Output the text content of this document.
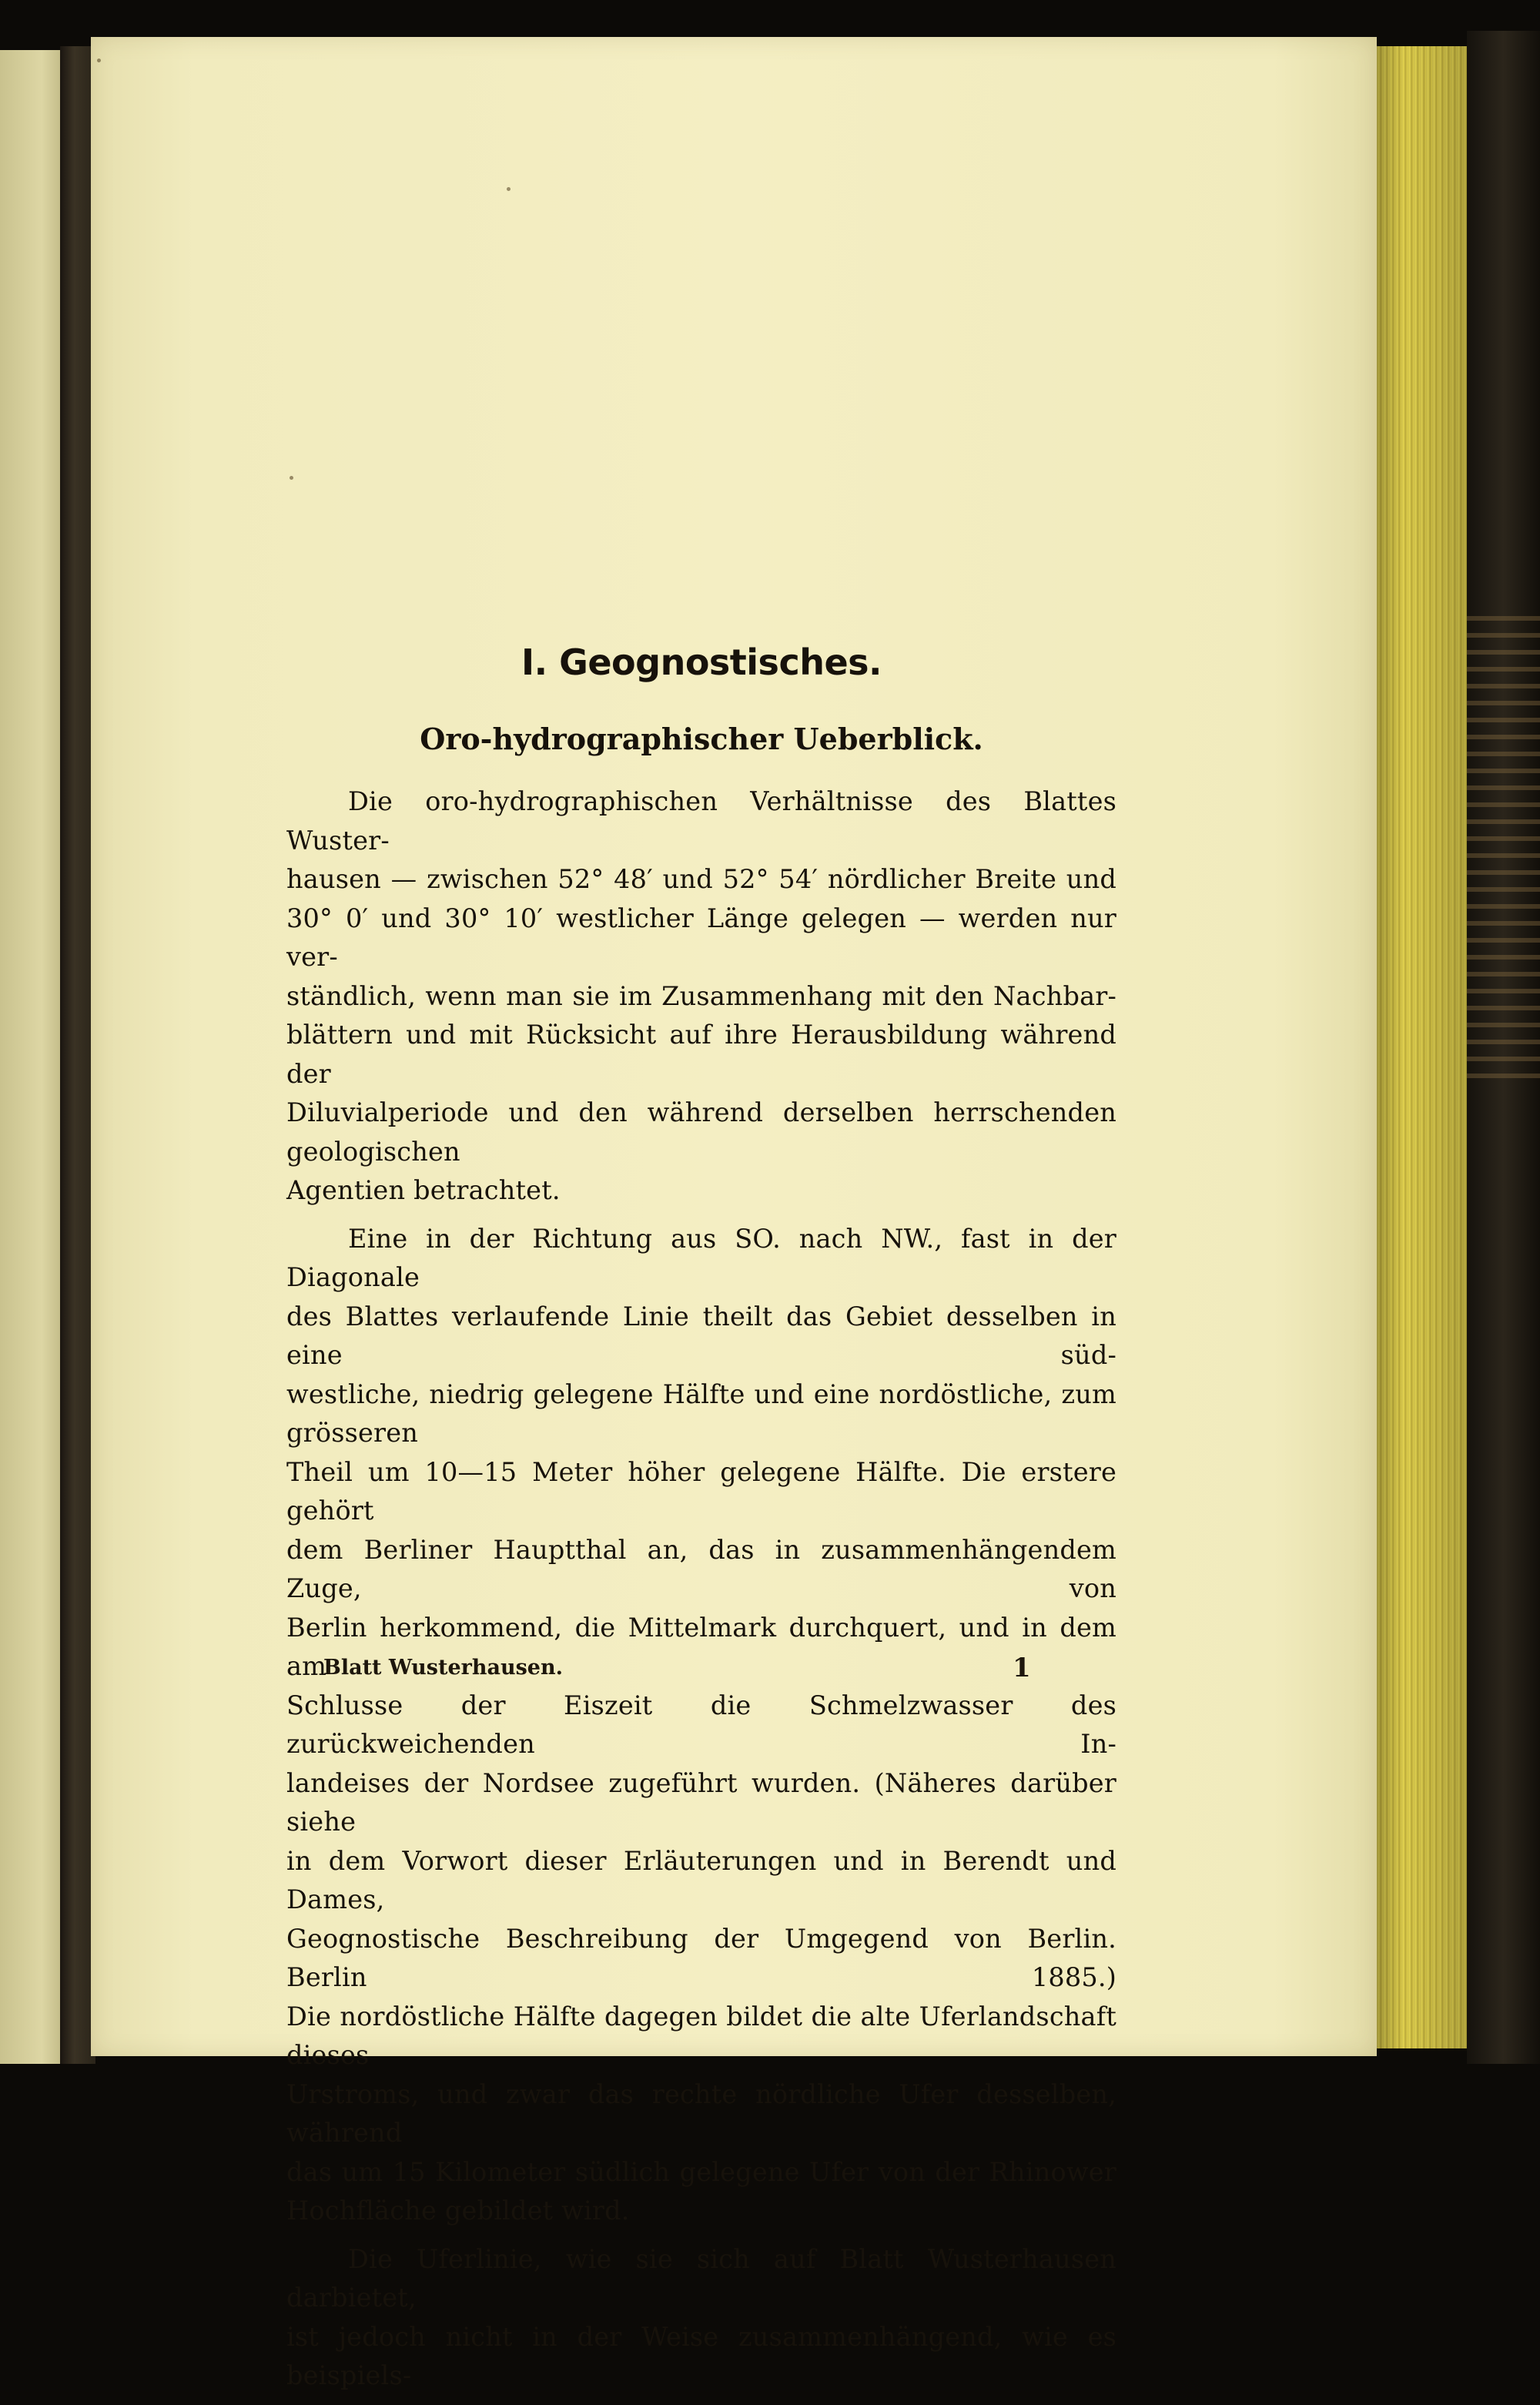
I. Geognostisches.
Oro-hydrographischer Ueberblick.
Die oro-hydrographischen Verhältnisse des Blattes Wuster-
hausen — zwischen 52° 48′ und 52° 54′ nördlicher Breite und
30° 0′ und 30° 10′ westlicher Länge gelegen — werden nur ver-
ständlich, wenn man sie im Zusammenhang mit den Nachbar-
blättern und mit Rücksicht auf ihre Herausbildung während der
Diluvialperiode und den während derselben herrschenden geologischen
Agentien betrachtet.
Eine in der Richtung aus SO. nach NW., fast in der Diagonale
des Blattes verlaufende Linie theilt das Gebiet desselben in eine süd-
westliche, niedrig gelegene Hälfte und eine nordöstliche, zum grösseren
Theil um 10—15 Meter höher gelegene Hälfte. Die erstere gehört
dem Berliner Hauptthal an, das in zusammenhängendem Zuge, von
Berlin herkommend, die Mittelmark durchquert, und in dem am
Schlusse der Eiszeit die Schmelzwasser des zurückweichenden In-
landeises der Nordsee zugeführt wurden. (Näheres darüber siehe
in dem Vorwort dieser Erläuterungen und in Berendt und Dames,
Geognostische Beschreibung der Umgegend von Berlin. Berlin 1885.)
Die nordöstliche Hälfte dagegen bildet die alte Uferlandschaft dieses
Urstroms, und zwar das rechte nördliche Ufer desselben, während
das um 15 Kilometer südlich gelegene Ufer von der Rhinower
Hochfläche gebildet wird.
Die Uferlinie, wie sie sich auf Blatt Wusterhausen darbietet,
ist jedoch nicht in der Weise zusammenhängend, wie es beispiels-
Blatt Wusterhausen.	1
